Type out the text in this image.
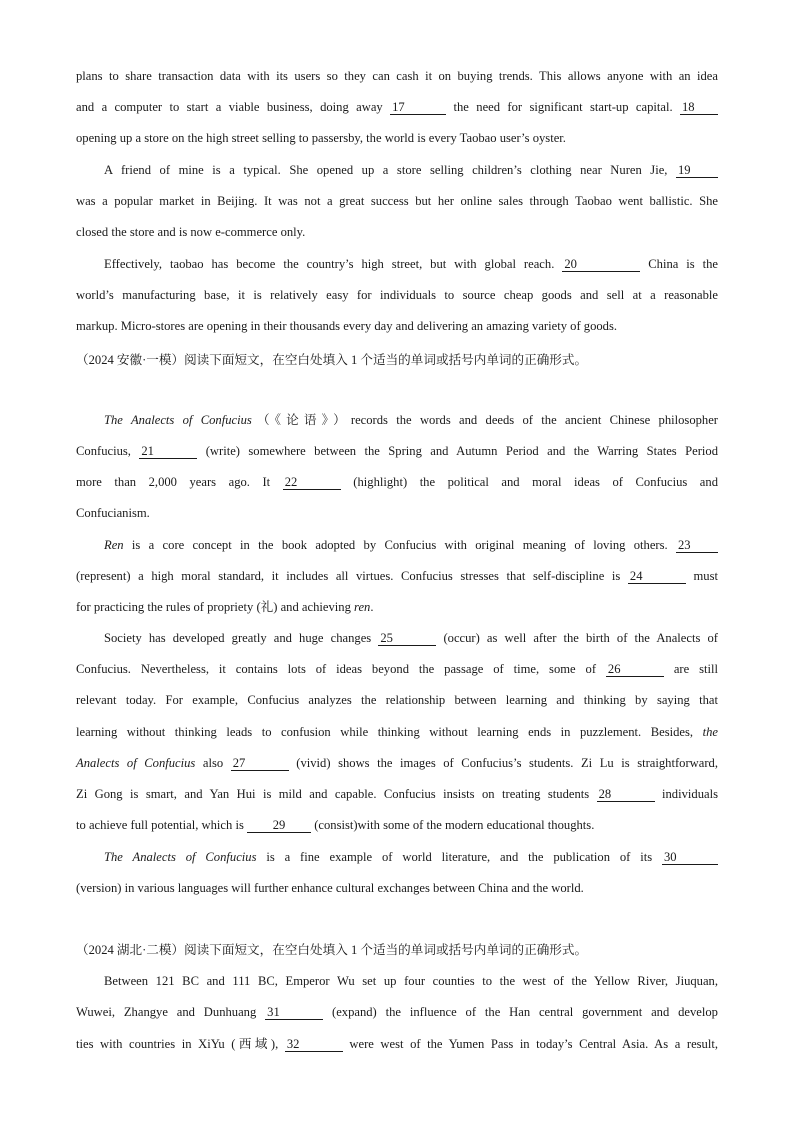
plans to share transaction data with its users so they can cash it on buying trends. This allows anyone with an idea
and a computer to start a viable business, doing away 17	the need for significant start-up capital. 18
opening up a store on the high street selling to passersby, the world is every Taobao user’s oyster.
A friend of mine is a typical. She opened up a store selling children’s clothing near Nuren Jie, 19
was a popular market in Beijing. It was not a great success but her online sales through Taobao went ballistic. She
closed the store and is now e-commerce only.
Effectively, taobao has become the country’s high street, but with global reach. 20	China is the
world’s manufacturing base, it is relatively easy for individuals to source cheap goods and sell at a reasonable
markup. Micro-stores are opening in their thousands every day and delivering an amazing variety of goods.
（2024 安徽·一模）阅读下面短文，在空白处填入 1 个适当的单词或括号内单词的正确形式。
The Analects of Confucius（《论语》）records the words and deeds of the ancient Chinese philosopher
Confucius, 21	(write) somewhere between the Spring and Autumn Period and the Warring States Period
more than 2,000 years ago. It 22	(highlight) the political and moral ideas of Confucius and
Confucianism.
Ren is a core concept in the book adopted by Confucius with original meaning of loving others. 23
(represent) a high moral standard, it includes all virtues. Confucius stresses that self-discipline is 24	must
for practicing the rules of propriety (礼) and achieving ren.
Society has developed greatly and huge changes 25	(occur) as well after the birth of the Analects of
Confucius. Nevertheless, it contains lots of ideas beyond the passage of time, some of 26	are still
relevant today. For example, Confucius analyzes the relationship between learning and thinking by saying that
learning without thinking leads to confusion while thinking without learning ends in puzzlement. Besides, the
Analects of Confucius also 27	(vivid) shows the images of Confucius’s students. Zi Lu is straightforward,
Zi Gong is smart, and Yan Hui is mild and capable. Confucius insists on treating students 28	individuals
to achieve full potential, which is 29 (consist)with some of the modern educational thoughts.
The Analects of Confucius is a fine example of world literature, and the publication of its 30
(version) in various languages will further enhance cultural exchanges between China and the world.
（2024 湖北·二模）阅读下面短文，在空白处填入 1 个适当的单词或括号内单词的正确形式。
Between 121 BC and 111 BC, Emperor Wu set up four counties to the west of the Yellow River, Jiuquan,
Wuwei, Zhangye and Dunhuang 31	(expand) the influence of the Han central government and develop
ties with countries in XiYu (西域), 32	were west of the Yumen Pass in today’s Central Asia. As a result,
